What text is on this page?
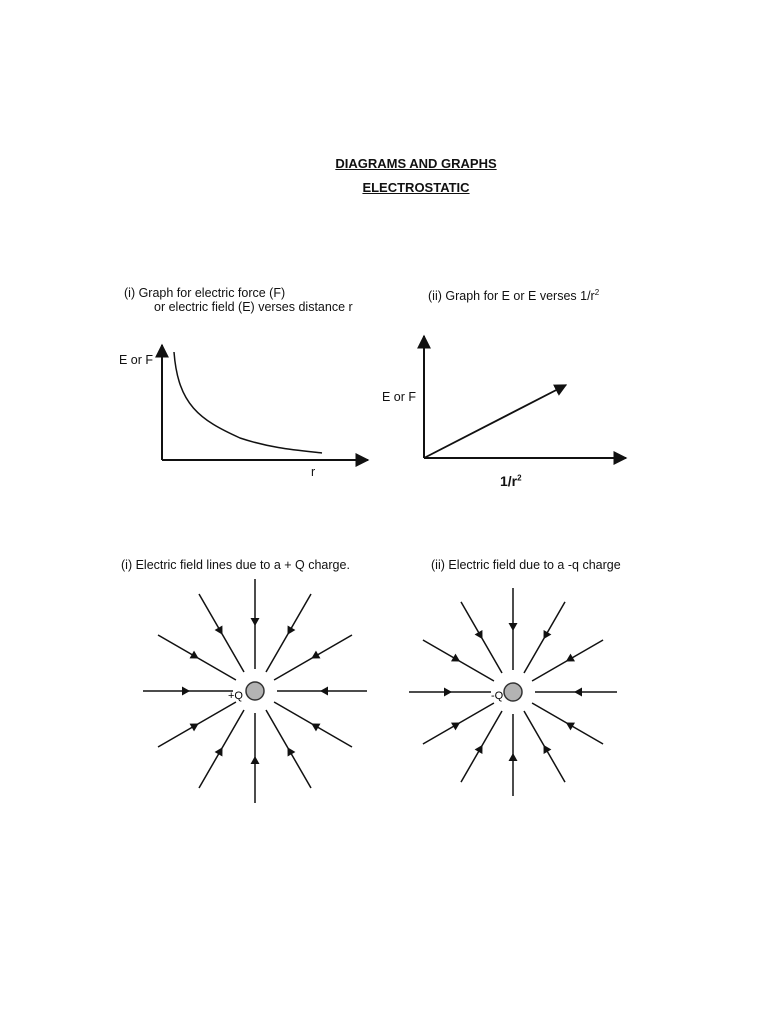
DIAGRAMS AND GRAPHS
ELECTROSTATIC
(i) Graph for electric force (F)
or electric field (E) verses distance r
E or F
r
(ii) Graph for E or E verses $1/r^2$
E or F
$1/r^2$
(i) Electric field lines due to a + Q charge.	(ii) Electric field due to a -q charge
+Q	-Q
